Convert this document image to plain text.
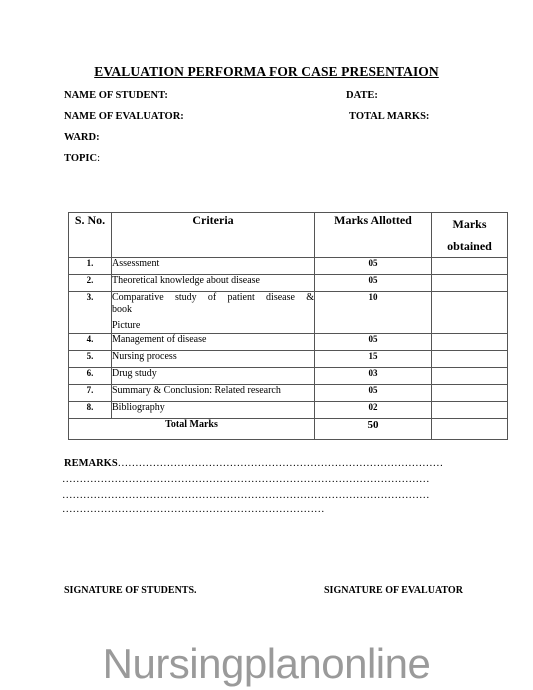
EVALUATION PERFORMA FOR CASE PRESENTAION
NAME OF STUDENT:	DATE:
NAME OF EVALUATOR:	TOTAL MARKS:
WARD:
TOPIC:
S. No.	Criteria	Marks Allotted	Marks
obtained

1.	Assessment	05	
2.	Theoretical knowledge about disease	05	
3.	Comparative study of patient disease &
book
Picture	10	
4.	Management of disease	05	
5.	Nursing process	15	
6.	Drug study	03	
7.	Summary & Conclusion: Related research	05	
8.	Bibliography	02	
Total Marks		50	
REMARKS…………………………………………………………………………………
……………………………………………………………………………………………
……………………………………………………………………………………………
…………………………………………………………………
SIGNATURE OF STUDENTS.	SIGNATURE OF EVALUATOR
Nursingplanonline
